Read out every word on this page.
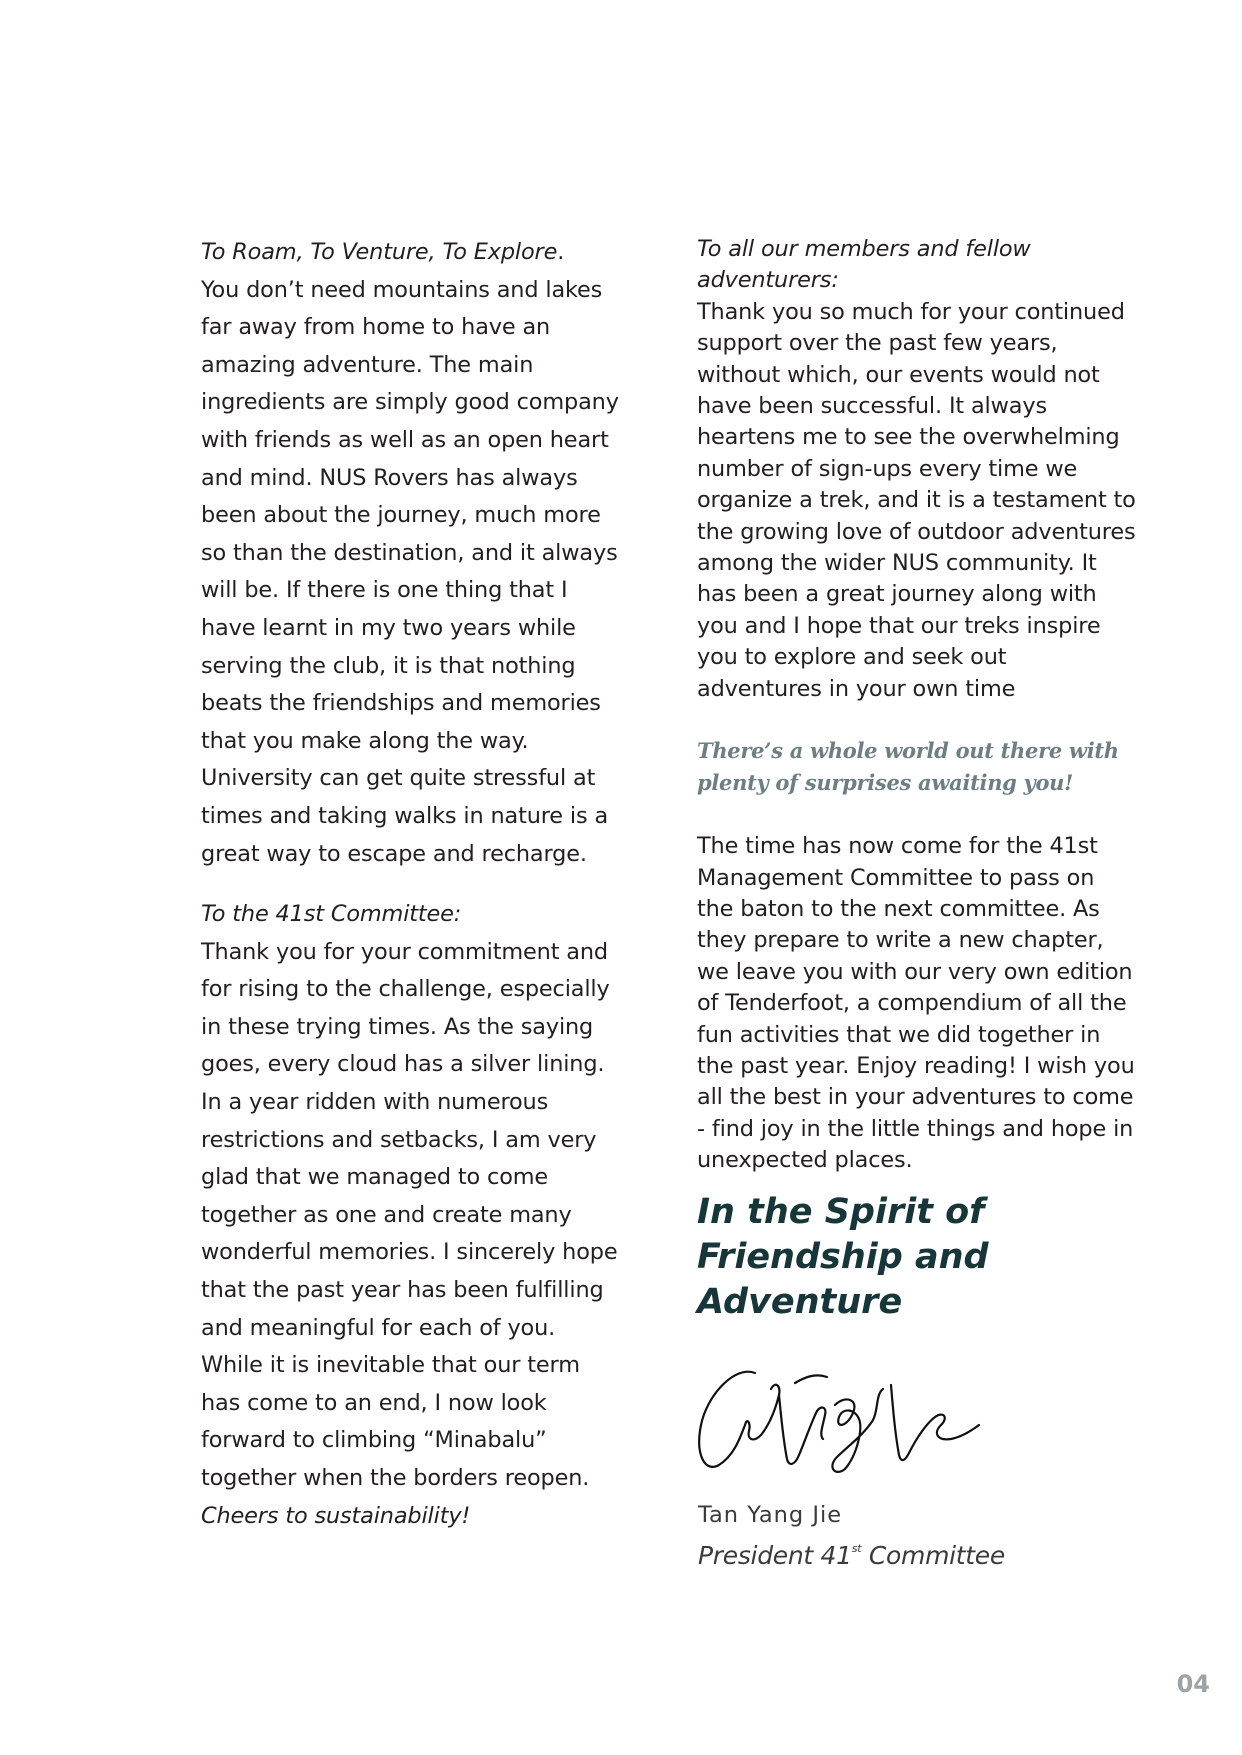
To Roam, To Venture, To Explore.

You don’t need mountains and lakes far away from home to have an amazing adventure. The main ingredients are simply good company with friends as well as an open heart and mind. NUS Rovers has always been about the journey, much more so than the destination, and it always will be. If there is one thing that I have learnt in my two years while serving the club, it is that nothing beats the friendships and memories that you make along the way. University can get quite stressful at times and taking walks in nature is a great way to escape and recharge.

To the 41st Committee:

Thank you for your commitment and for rising to the challenge, especially in these trying times. As the saying goes, every cloud has a silver lining. In a year ridden with numerous restrictions and setbacks, I am very glad that we managed to come together as one and create many wonderful memories. I sincerely hope that the past year has been fulfilling and meaningful for each of you. While it is inevitable that our term has come to an end, I now look forward to climbing “Minabalu” together when the borders reopen.
Cheers to sustainability!

To all our members and fellow adventurers:

Thank you so much for your continued support over the past few years, without which, our events would not have been successful. It always heartens me to see the overwhelming number of sign-ups every time we organize a trek, and it is a testament to the growing love of outdoor adventures among the wider NUS community. It has been a great journey along with you and I hope that our treks inspire you to explore and seek out adventures in your own time

There’s a whole world out there with plenty of surprises awaiting you!

The time has now come for the 41st Management Committee to pass on the baton to the next committee. As they prepare to write a new chapter, we leave you with our very own edition of Tenderfoot, a compendium of all the fun activities that we did together in the past year. Enjoy reading! I wish you all the best in your adventures to come - find joy in the little things and hope in unexpected places.

In the Spirit of
Friendship and
Adventure

Tan Yang Jie

President 41st Committee

04
